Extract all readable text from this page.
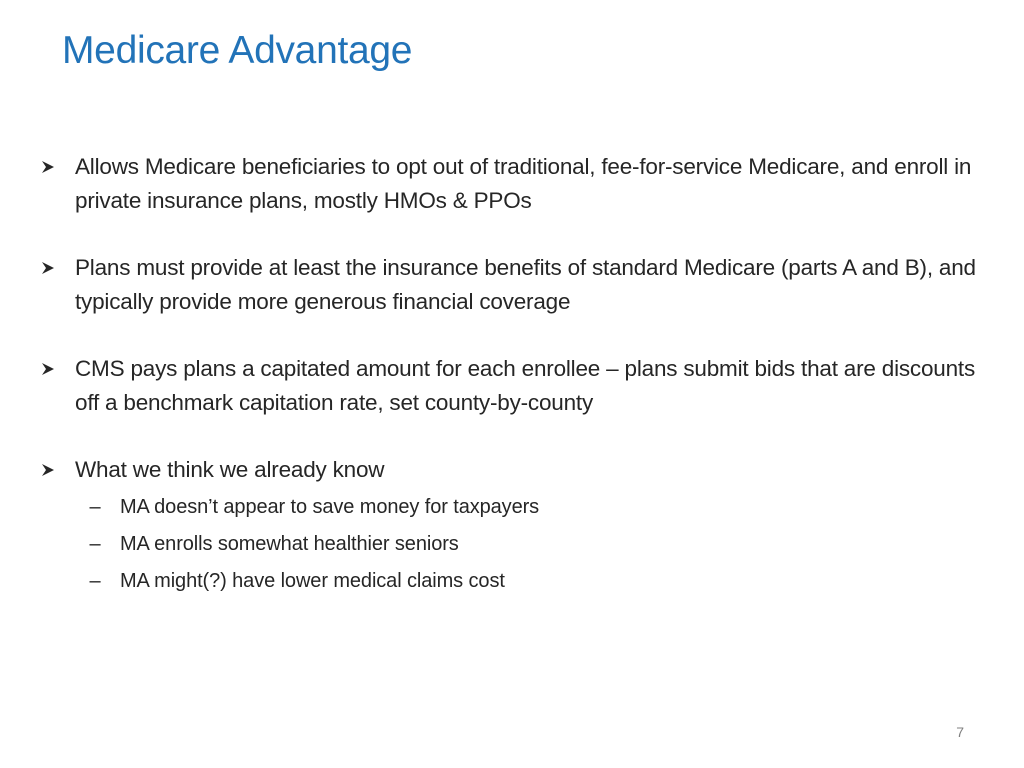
Medicare Advantage
Allows Medicare beneficiaries to opt out of traditional, fee-for-service Medicare, and enroll in private insurance plans, mostly HMOs & PPOs
Plans must provide at least the insurance benefits of standard Medicare (parts A and B), and typically provide more generous financial coverage
CMS pays plans a capitated amount for each enrollee – plans submit bids that are discounts off a benchmark capitation rate, set county-by-county
What we think we already know
– MA doesn’t appear to save money for taxpayers
– MA enrolls somewhat healthier seniors
– MA might(?) have lower medical claims cost
7
